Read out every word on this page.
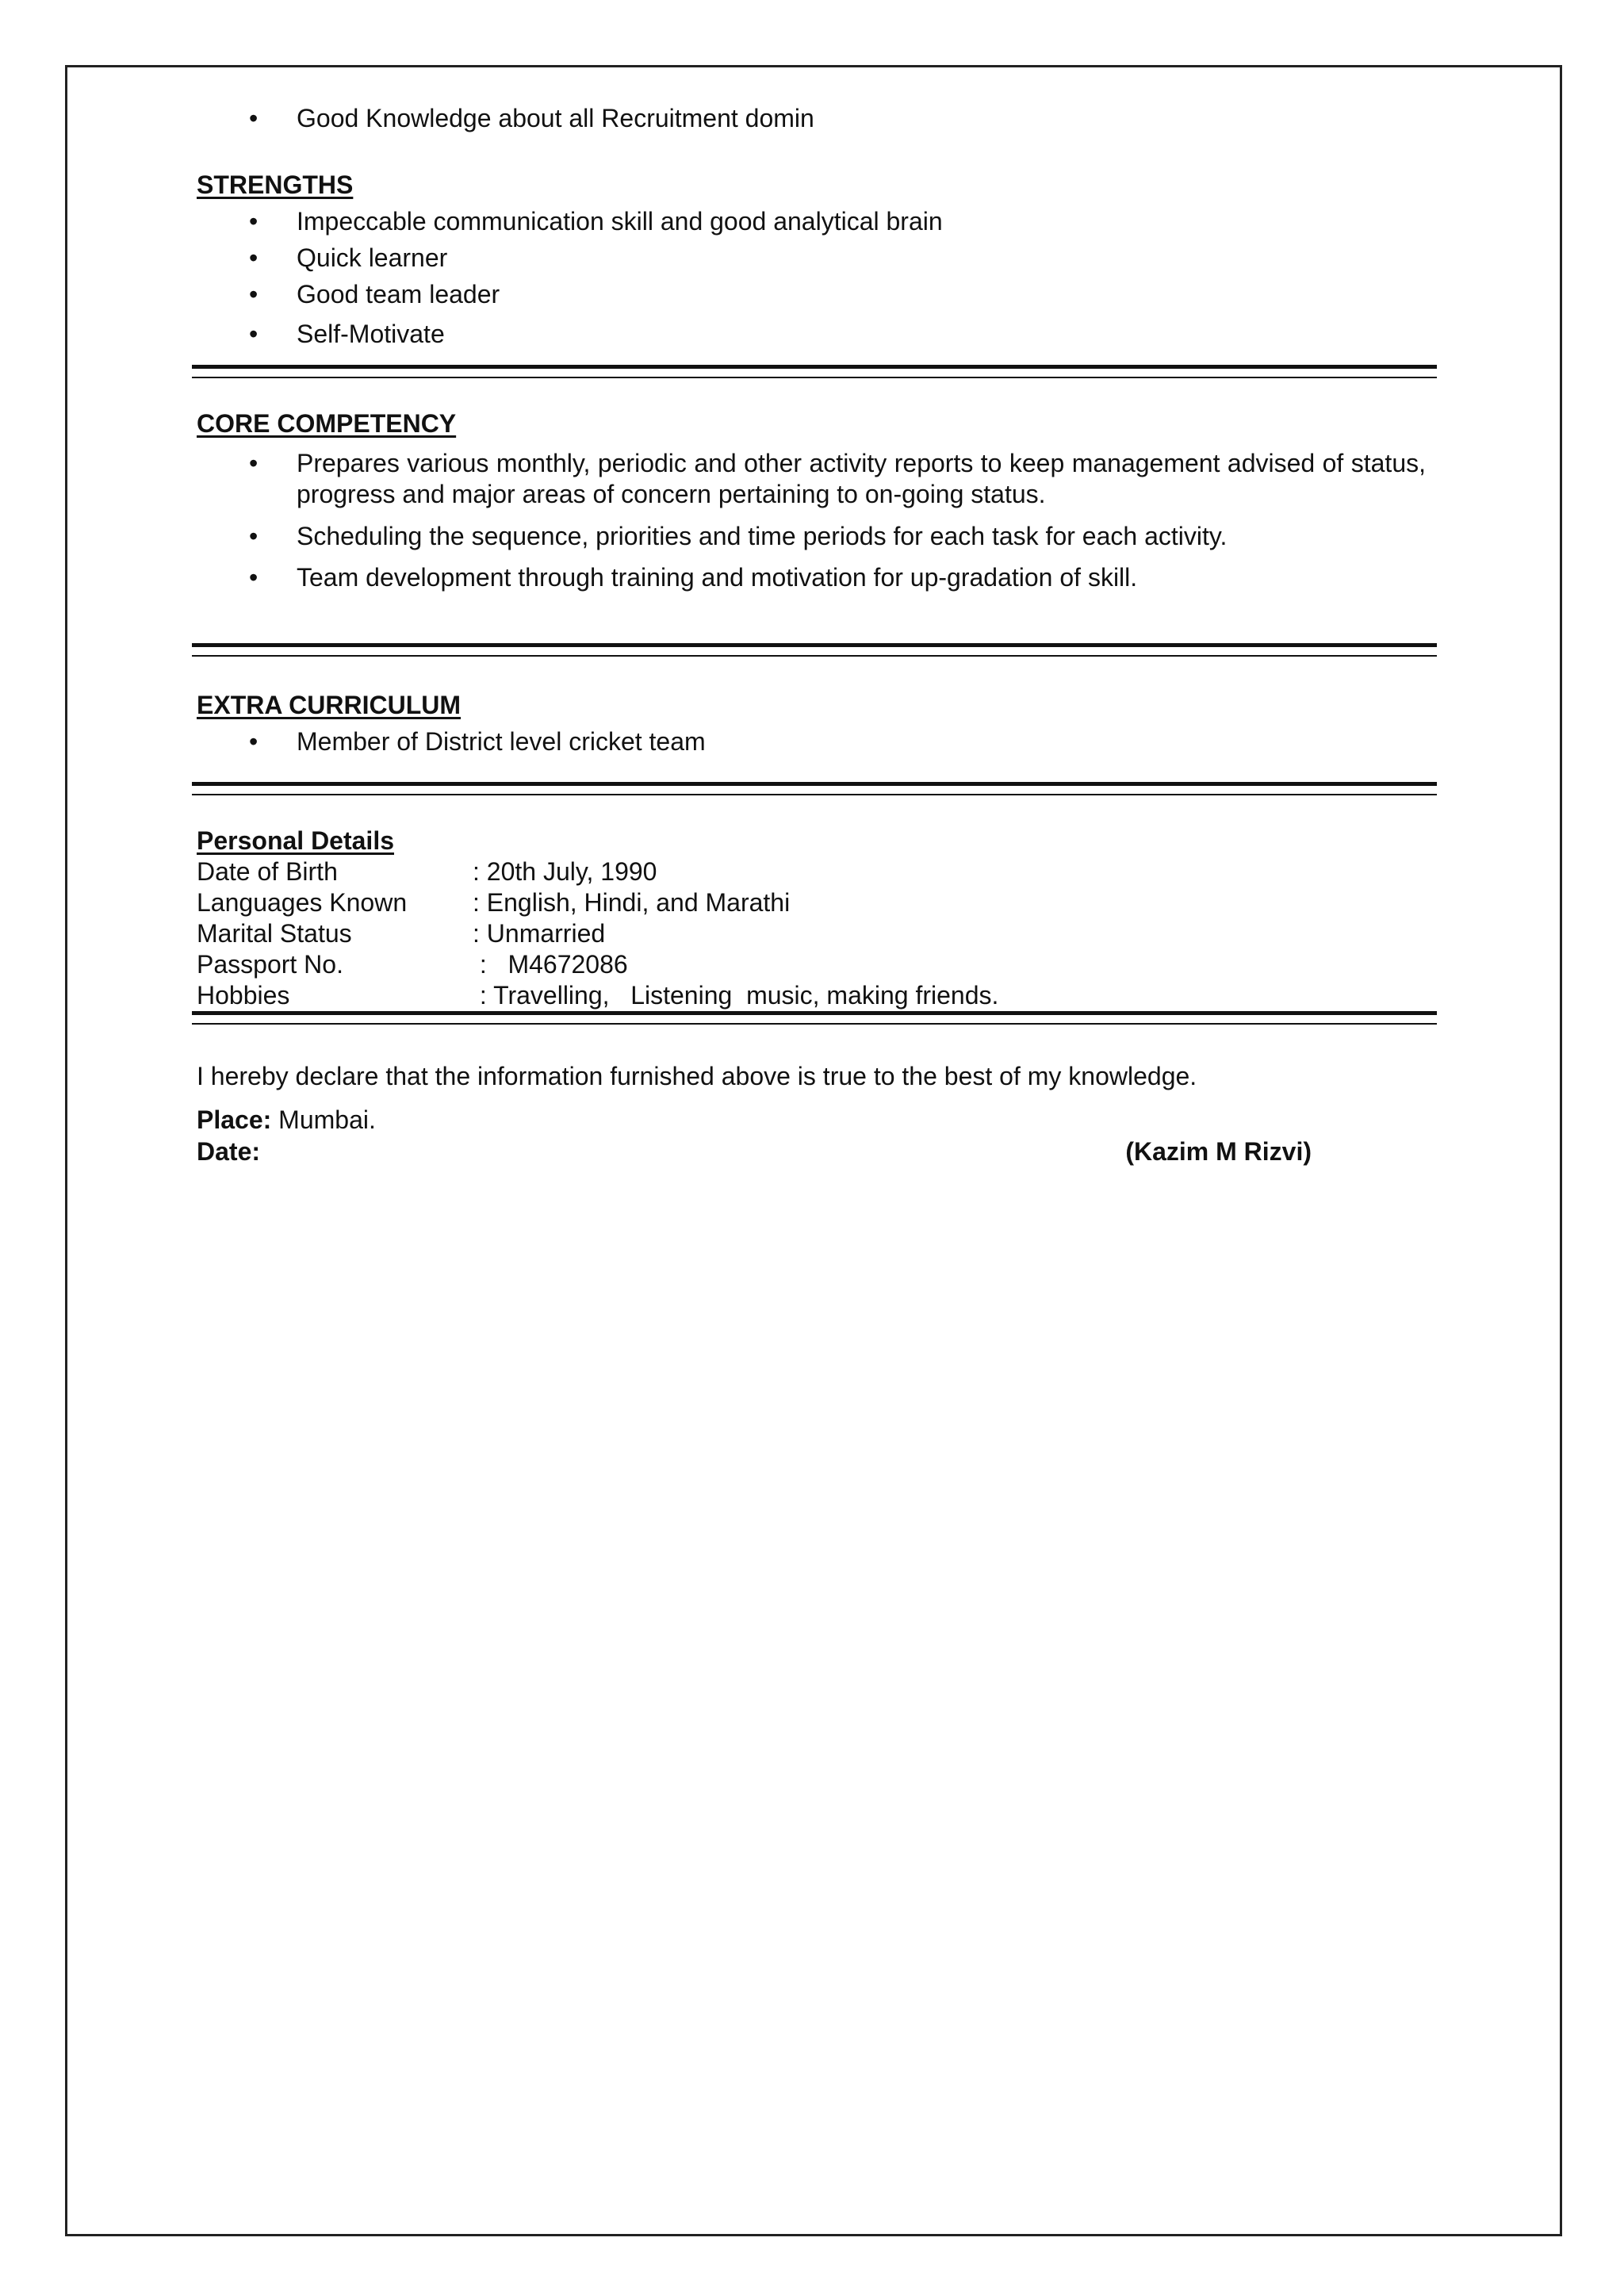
• Good Knowledge about all Recruitment domin

STRENGTHS

• Impeccable communication skill and good analytical brain
• Quick learner
• Good team leader
• Self-Motivate

CORE COMPETENCY

• Prepares various monthly, periodic and other activity reports to keep management advised of status, progress and major areas of concern pertaining to on-going status.
• Scheduling the sequence, priorities and time periods for each task for each activity.
• Team development through training and motivation for up-gradation of skill.

EXTRA CURRICULUM

• Member of District level cricket team

Personal Details

Date of Birth	: 20th July, 1990
Languages Known	: English, Hindi, and Marathi
Marital Status	: Unmarried
Passport No.	:   M4672086
Hobbies	: Travelling,   Listening  music, making friends.

I hereby declare that the information furnished above is true to the best of my knowledge.

Place: Mumbai.

Date:	(Kazim M Rizvi)
